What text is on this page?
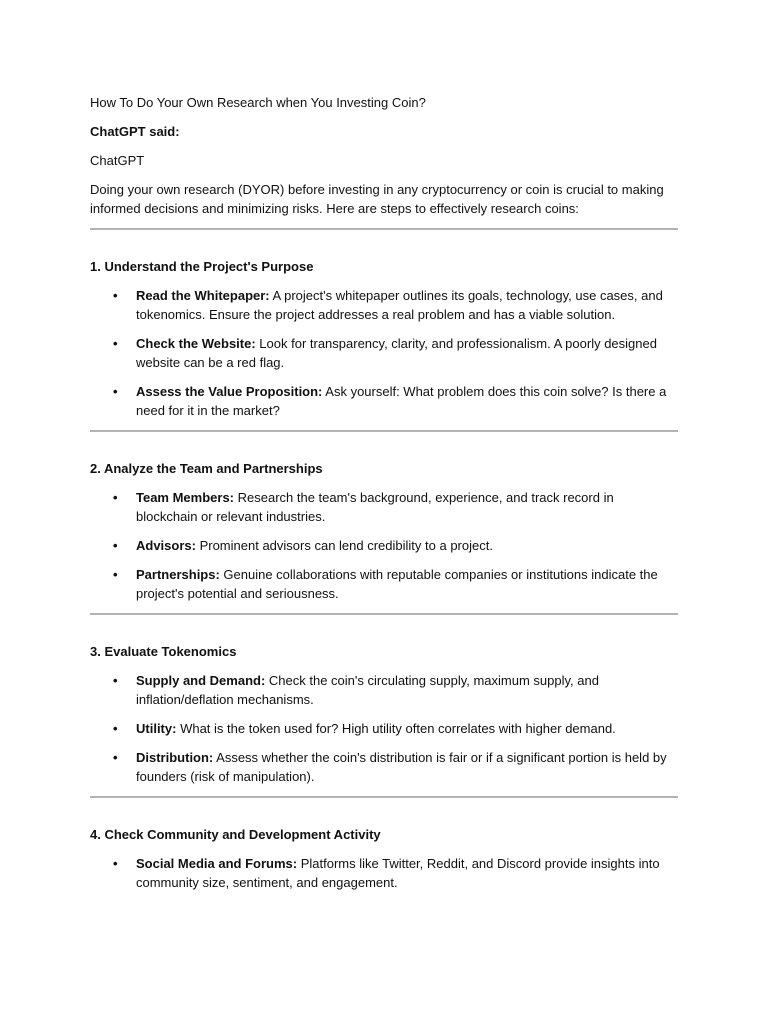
How To Do Your Own Research when You Investing Coin?

ChatGPT said:

ChatGPT

Doing your own research (DYOR) before investing in any cryptocurrency or coin is crucial to making informed decisions and minimizing risks. Here are steps to effectively research coins:

1. Understand the Project's Purpose

• Read the Whitepaper: A project's whitepaper outlines its goals, technology, use cases, and tokenomics. Ensure the project addresses a real problem and has a viable solution.
• Check the Website: Look for transparency, clarity, and professionalism. A poorly designed website can be a red flag.
• Assess the Value Proposition: Ask yourself: What problem does this coin solve? Is there a need for it in the market?

2. Analyze the Team and Partnerships

• Team Members: Research the team's background, experience, and track record in blockchain or relevant industries.
• Advisors: Prominent advisors can lend credibility to a project.
• Partnerships: Genuine collaborations with reputable companies or institutions indicate the project's potential and seriousness.

3. Evaluate Tokenomics

• Supply and Demand: Check the coin's circulating supply, maximum supply, and inflation/deflation mechanisms.
• Utility: What is the token used for? High utility often correlates with higher demand.
• Distribution: Assess whether the coin's distribution is fair or if a significant portion is held by founders (risk of manipulation).

4. Check Community and Development Activity

• Social Media and Forums: Platforms like Twitter, Reddit, and Discord provide insights into community size, sentiment, and engagement.
